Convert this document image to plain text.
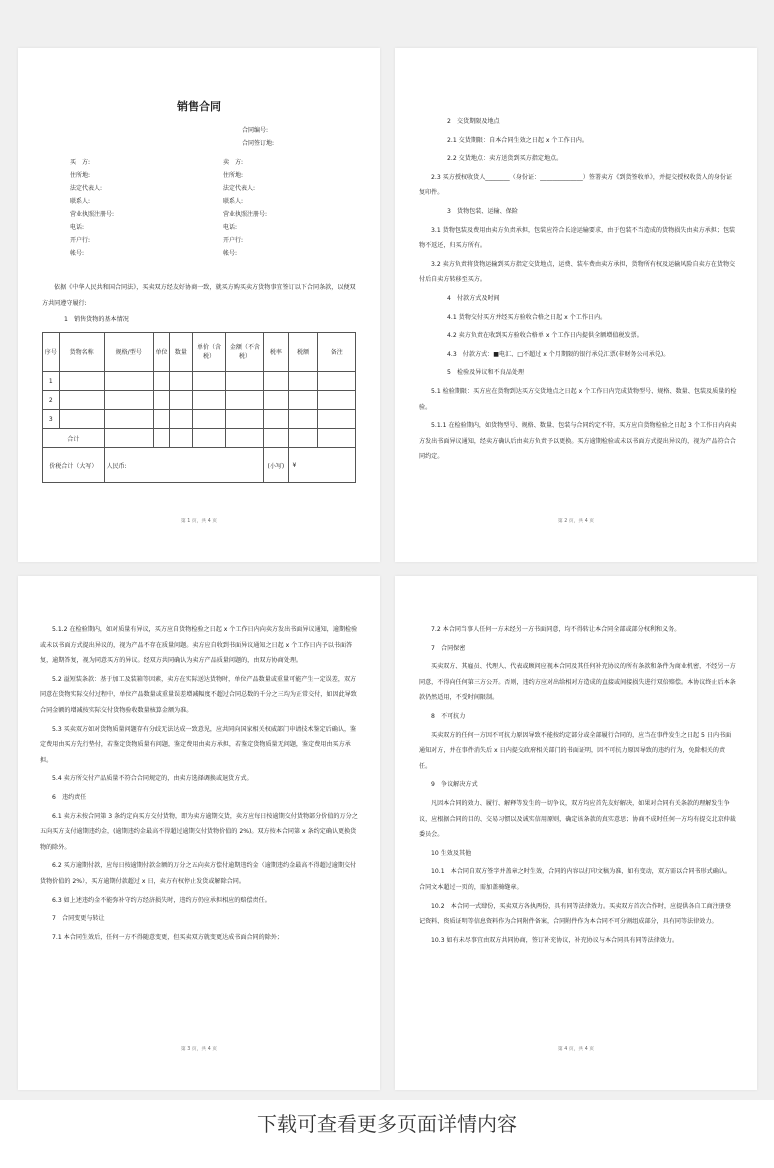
销售合同
合同编号:
合同签订地:
买　方:
住所地:
法定代表人:
联系人:
营业执照注册号:
电话:
开户行:
帐号:
卖　方:
住所地:
法定代表人:
联系人:
营业执照注册号:
电话:
开户行:
帐号:
依据《中华人民共和国合同法》，买卖双方经友好协商一致，就买方购买卖方货物事宜签订以下合同条款，以便双方共同遵守履行:
1　销售货物的基本情况
序号	货物名称	规格/型号	单位	数量	单价（含税）	金额（不含税）	税率	税额	备注
1									
2									
3									
合计									
价税合计（大写）		人民币:					(小写)	¥	
第 1 页，共 4 页
2　交货期限及地点
2.1 交货期限：自本合同生效之日起 x 个工作日内。
2.2 交货地点：卖方送货到买方指定地点。
2.3 买方授权收货人________（身份证：______________）签署卖方《到货签收单》，并提交授权收货人的身份证复印件。
3　货物包装、运输、保险
3.1 货物包装及费用由卖方负责承担，包装应符合长途运输要求，由于包装不当造成的货物损失由卖方承担；包装物不返还，归买方所有。
3.2 卖方负责将货物运输到买方指定交货地点，运费、装车费由卖方承担，货物所有权及运输风险自卖方在货物交付后自卖方转移至买方。
4　付款方式及时间
4.1 货物交付买方并经买方验收合格之日起 x 个工作日内。
4.2 卖方负责在收到买方验收合格单 x 个工作日内提供全额增值税发票。
4.3　付款方式：■电汇、□不超过 x 个月期限的银行承兑汇票(非财务公司承兑)。
5　检验及异议和不良品处理
5.1 检验期限：买方应在货物到达买方交货地点之日起 x 个工作日内完成货物型号、规格、数量、包装及质量的检验。
5.1.1 在检验期内，如货物型号、规格、数量、包装与合同约定不符，买方应自货物检验之日起 3 个工作日内向卖方发出书面异议通知，经卖方确认后由卖方负责予以更换。买方逾期检验或未以书面方式提出异议的，视为产品符合合同约定。
第 2 页，共 4 页
5.1.2 在检验期内，如对质量有异议，买方应自货物检验之日起 x 个工作日内向卖方发出书面异议通知，逾期检验或未以书面方式提出异议的，视为产品不存在质量问题。卖方应自收到书面异议通知之日起 x 个工作日内予以书面答复，逾期答复，视为同意买方的异议。经双方共同确认为卖方产品质量问题的，由双方协商处理。
5.2 溢短装条款：基于加工及装箱等因素，卖方在实际送达货物时，单位产品数量或重量可能产生一定误差，双方同意在货物实际交付过程中，单位产品数量或重量误差增减幅度不超过合同总数的千分之三均为正常交付，如因此导致合同金额的增减按实际交付货物验收数量核算金额为准。
5.3 买卖双方如对货物质量问题存有分歧无法达成一致意见，应共同向国家相关权威部门申请技术鉴定后确认，鉴定费用由买方先行垫付，若鉴定货物质量有问题，鉴定费用由卖方承担，若鉴定货物质量无问题，鉴定费用由买方承担。
5.4 卖方所交付产品质量不符合合同规定的，由卖方选择调换或退货方式。
6　违约责任
6.1 卖方未按合同第 3 条约定向买方交付货物，即为卖方逾期交货，卖方应每日按逾期交付货物部分价值的万分之五向买方支付逾期违约金，(逾期违约金最高不得超过逾期交付货物价值的 2%)。双方按本合同第 x 条约定确认更换货物的除外。
6.2 买方逾期付款，应每日按逾期付款金额的万分之五向卖方偿付逾期违约金（逾期违约金最高不得超过逾期交付货物价值的 2%），买方逾期付款超过 x 日，卖方有权停止发货或解除合同。
6.3 如上述违约金不能弥补守约方经济损失时，违约方仍应承担相应的赔偿责任。
7　合同变更与转让
7.1 本合同生效后，任何一方不得随意变更，但买卖双方就变更达成书面合同的除外；
第 3 页，共 4 页
7.2 本合同当事人任何一方未经另一方书面同意，均不得转让本合同全部或部分权利和义务。
7　合同保密
买卖双方、其雇员、代理人、代表或顾问应视本合同及其任何补充协议的所有条款和条件为商业机密，不经另一方同意，不得向任何第三方公开。否则，违约方应对出给相对方造成的直接或间接损失进行双倍赔偿。本协议终止后本条款仍然适用，不受时间限制。
8　不可抗力
买卖双方的任何一方因不可抗力原因导致不能按约定部分或全部履行合同的，应当在事件发生之日起 5 日内书面通知对方，并在事件消失后 x 日内提交政府相关部门的书面证明，因不可抗力原因导致的违约行为，免除相关的责任。
9　争议解决方式
凡因本合同的效力、履行、解释等发生的一切争议，双方均应首先友好解决，如果对合同有关条款的理解发生争议，应根据合同的目的、交易习惯以及诚实信用原则，确定该条款的真实意思；协商不成时任何一方均有提交北京仲裁委员会。
10 生效及其他
10.1　本合同自双方签字并盖章之时生效，合同的内容以打印文稿为准，如有变动，双方需以合同书形式确认。合同文本超过一页的，需加盖骑缝章。
10.2　本合同一式肆份，买卖双方各执两份，具有同等法律效力。买卖双方首次合作时，应提供各自工商注册登记资料、资质证明等信息资料作为合同附件备案，合同附件作为本合同不可分割组成部分，具有同等法律效力。
10.3 如有未尽事宜由双方共同协商，签订补充协议，补充协议与本合同具有同等法律效力。
第 4 页，共 4 页
下载可查看更多页面详情内容
